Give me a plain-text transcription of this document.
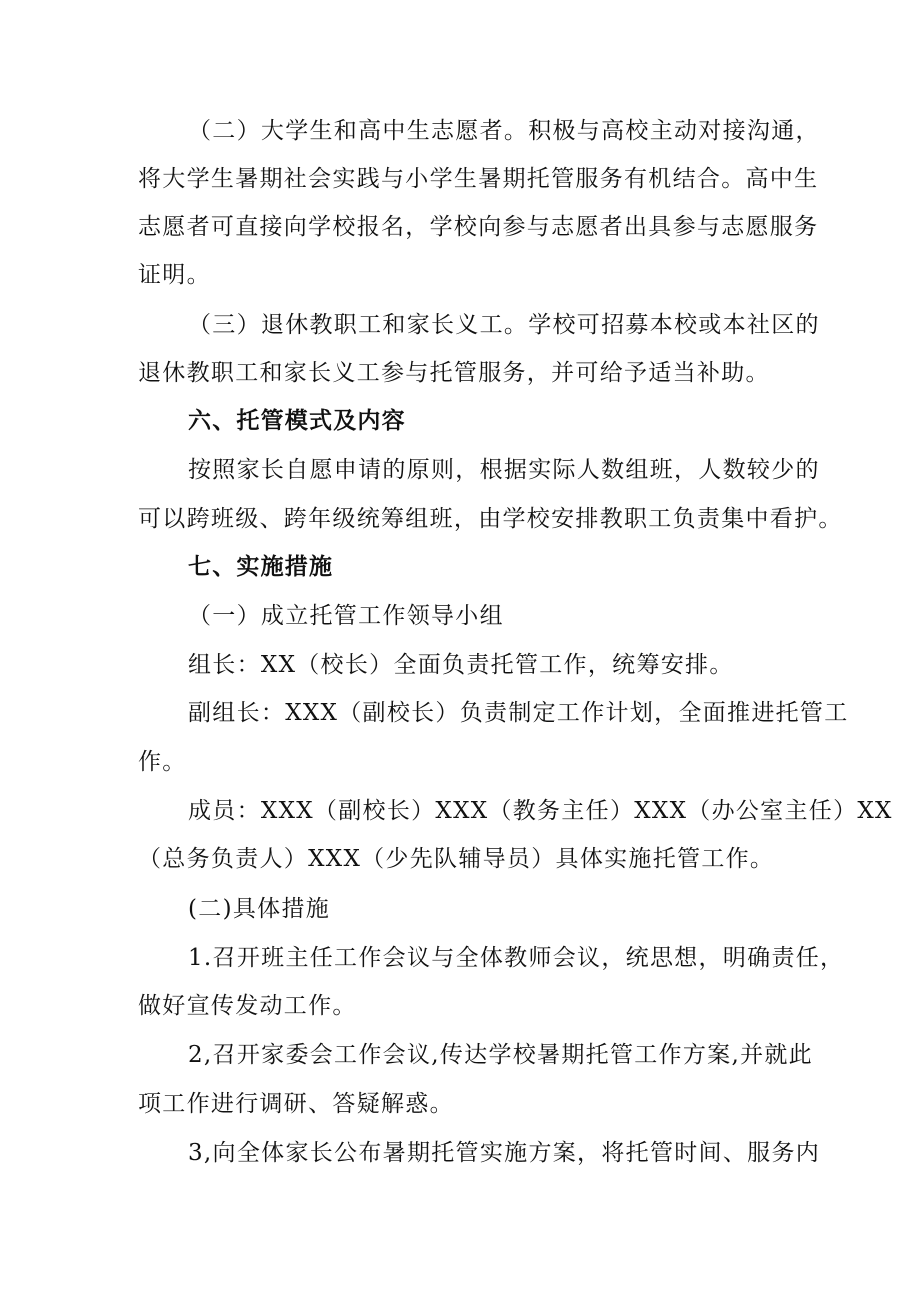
（二）大学生和高中生志愿者。积极与高校主动对接沟通，
将大学生暑期社会实践与小学生暑期托管服务有机结合。高中生
志愿者可直接向学校报名，学校向参与志愿者出具参与志愿服务
证明。
（三）退休教职工和家长义工。学校可招募本校或本社区的
退休教职工和家长义工参与托管服务，并可给予适当补助。
六、托管模式及内容
按照家长自愿申请的原则，根据实际人数组班，人数较少的
可以跨班级、跨年级统筹组班，由学校安排教职工负责集中看护。
七、实施措施
（一）成立托管工作领导小组
组长：XX（校长）全面负责托管工作，统筹安排。
副组长：XXX（副校长）负责制定工作计划，全面推进托管工
作。
成员：XXX（副校长）XXX（教务主任）XXX（办公室主任）XX
（总务负责人）XXX（少先队辅导员）具体实施托管工作。
(二)具体措施
1.召开班主任工作会议与全体教师会议，统思想，明确责任，
做好宣传发动工作。
2,召开家委会工作会议,传达学校暑期托管工作方案,并就此
项工作进行调研、答疑解惑。
3,向全体家长公布暑期托管实施方案，将托管时间、服务内
